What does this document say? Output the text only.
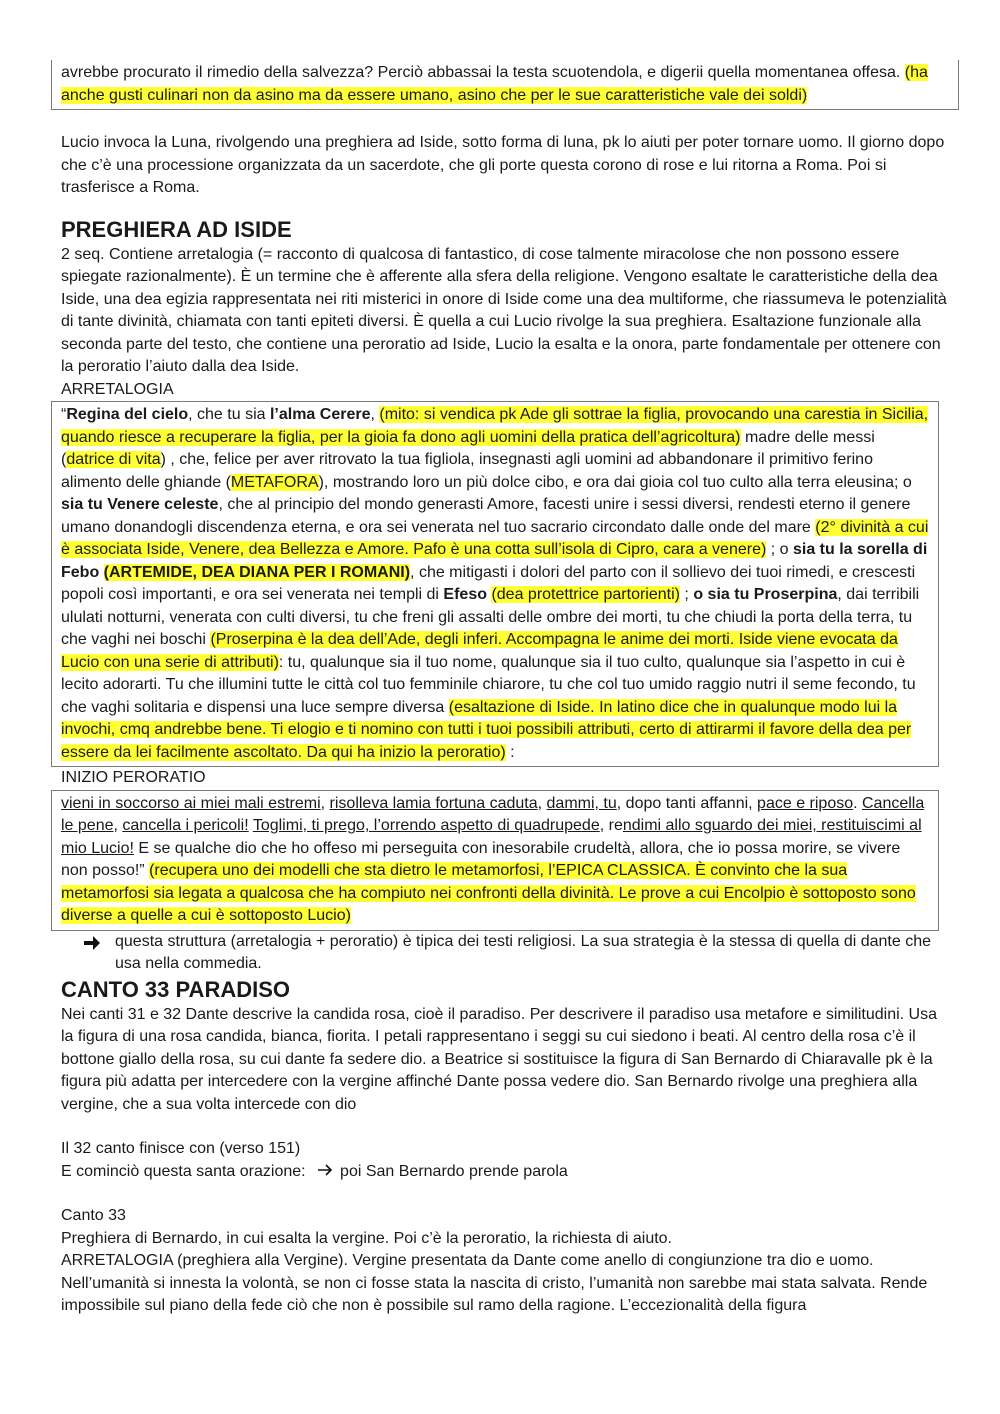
avrebbe procurato il rimedio della salvezza? Perciò abbassai la testa scuotendola, e digerii quella momentanea offesa. (ha anche gusti culinari non da asino ma da essere umano, asino che per le sue caratteristiche vale dei soldi)

Lucio invoca la Luna, rivolgendo una preghiera ad Iside, sotto forma di luna, pk lo aiuti per poter tornare uomo. Il giorno dopo che c’è una processione organizzata da un sacerdote, che gli porte questa corono di rose e lui ritorna a Roma. Poi si trasferisce a Roma.

PREGHIERA AD ISIDE

2 seq. Contiene arretalogia (= racconto di qualcosa di fantastico, di cose talmente miracolose che non possono essere spiegate razionalmente). È un termine che è afferente alla sfera della religione. Vengono esaltate le caratteristiche della dea Iside, una dea egizia rappresentata nei riti misterici in onore di Iside come una dea multiforme, che riassumeva le potenzialità di tante divinità, chiamata con tanti epiteti diversi. È quella a cui Lucio rivolge la sua preghiera. Esaltazione funzionale alla seconda parte del testo, che contiene una peroratio ad Iside, Lucio la esalta e la onora, parte fondamentale per ottenere con la peroratio l’aiuto dalla dea Iside.

ARRETALOGIA

“Regina del cielo, che tu sia l’alma Cerere, (mito: si vendica pk Ade gli sottrae la figlia, provocando una carestia in Sicilia, quando riesce a recuperare la figlia, per la gioia fa dono agli uomini della pratica dell’agricoltura) madre delle messi (datrice di vita) , che, felice per aver ritrovato la tua figliola, insegnasti agli uomini ad abbandonare il primitivo ferino alimento delle ghiande (METAFORA), mostrando loro un più dolce cibo, e ora dai gioia col tuo culto alla terra eleusina; o sia tu Venere celeste, che al principio del mondo generasti Amore, facesti unire i sessi diversi, rendesti eterno il genere umano donandogli discendenza eterna, e ora sei venerata nel tuo sacrario circondato dalle onde del mare (2° divinità a cui è associata Iside, Venere, dea Bellezza e Amore. Pafo è una cotta sull’isola di Cipro, cara a venere) ; o sia tu la sorella di Febo (ARTEMIDE, DEA DIANA PER I ROMANI), che mitigasti i dolori del parto con il sollievo dei tuoi rimedi, e crescesti popoli così importanti, e ora sei venerata nei templi di Efeso (dea protettrice partorienti) ; o sia tu Proserpina, dai terribili ululati notturni, venerata con culti diversi, tu che freni gli assalti delle ombre dei morti, tu che chiudi la porta della terra, tu che vaghi nei boschi (Proserpina è la dea dell’Ade, degli inferi. Accompagna le anime dei morti. Iside viene evocata da Lucio con una serie di attributi): tu, qualunque sia il tuo nome, qualunque sia il tuo culto, qualunque sia l’aspetto in cui è lecito adorarti. Tu che illumini tutte le città col tuo femminile chiarore, tu che col tuo umido raggio nutri il seme fecondo, tu che vaghi solitaria e dispensi una luce sempre diversa (esaltazione di Iside. In latino dice che in qualunque modo lui la invochi, cmq andrebbe bene. Ti elogio e ti nomino con tutti i tuoi possibili attributi, certo di attirarmi il favore della dea per essere da lei facilmente ascoltato. Da qui ha inizio la peroratio) :

INIZIO PERORATIO

vieni in soccorso ai miei mali estremi, risolleva lamia fortuna caduta, dammi, tu, dopo tanti affanni, pace e riposo. Cancella le pene, cancella i pericoli! Toglimi, ti prego, l’orrendo aspetto di quadrupede, rendimi allo sguardo dei miei, restituiscimi al mio Lucio! E se qualche dio che ho offeso mi perseguita con inesorabile crudeltà, allora, che io possa morire, se vivere non posso!” (recupera uno dei modelli che sta dietro le metamorfosi, l’EPICA CLASSICA. È convinto che la sua metamorfosi sia legata a qualcosa che ha compiuto nei confronti della divinità. Le prove a cui Encolpio è sottoposto sono diverse a quelle a cui è sottoposto Lucio)

questa struttura (arretalogia + peroratio) è tipica dei testi religiosi. La sua strategia è la stessa di quella di dante che usa nella commedia.

CANTO 33 PARADISO

Nei canti 31 e 32 Dante descrive la candida rosa, cioè il paradiso. Per descrivere il paradiso usa metafore e similitudini. Usa la figura di una rosa candida, bianca, fiorita. I petali rappresentano i seggi su cui siedono i beati. Al centro della rosa c’è il bottone giallo della rosa, su cui dante fa sedere dio. a Beatrice si sostituisce la figura di San Bernardo di Chiaravalle pk è la figura più adatta per intercedere con la vergine affinché Dante possa vedere dio. San Bernardo rivolge una preghiera alla vergine, che a sua volta intercede con dio

Il 32 canto finisce con (verso 151)

E cominciò questa santa orazione: poi San Bernardo prende parola

Canto 33

Preghiera di Bernardo, in cui esalta la vergine. Poi c’è la peroratio, la richiesta di aiuto.

ARRETALOGIA (preghiera alla Vergine). Vergine presentata da Dante come anello di congiunzione tra dio e uomo. Nell’umanità si innesta la volontà, se non ci fosse stata la nascita di cristo, l’umanità non sarebbe mai stata salvata. Rende impossibile sul piano della fede ciò che non è possibile sul ramo della ragione. L’eccezionalità della figura
